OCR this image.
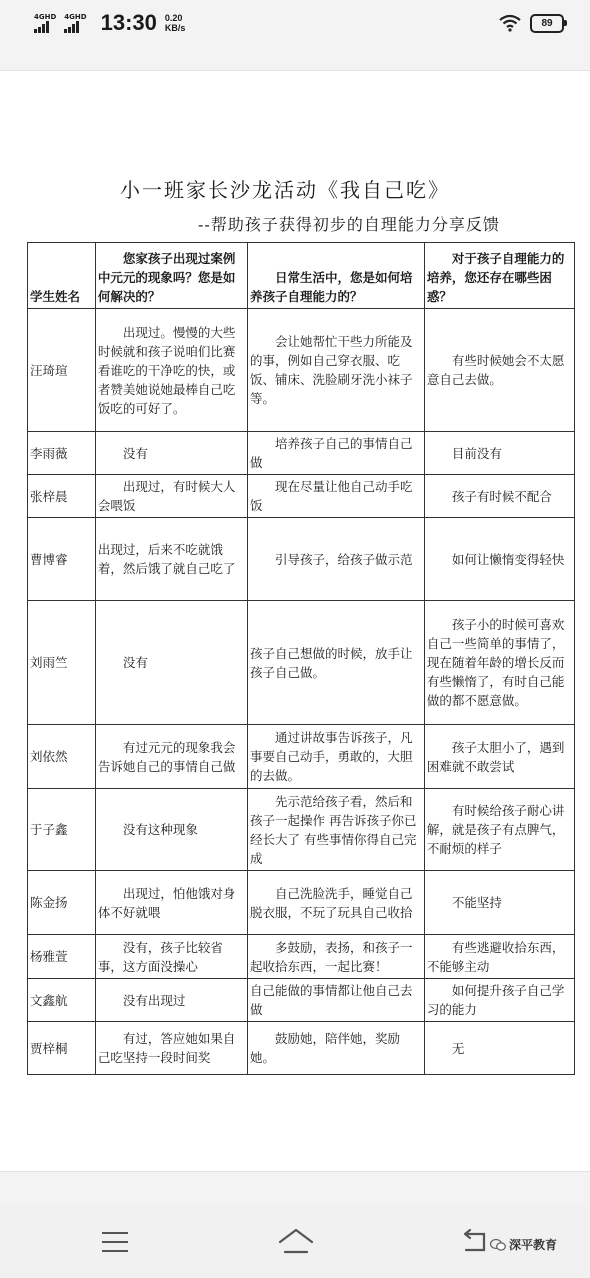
4GHD 4GHD 13:30 0.20
KB/s	89
小一班家长沙龙活动《我自己吃》
--帮助孩子获得初步的自理能力分享反馈
学生姓名	您家孩子出现过案例中元元的现象吗？您是如何解决的？	日常生活中，您是如何培养孩子自理能力的？	对于孩子自理能力的培养，您还存在哪些困惑？
汪琦瑄	出现过。慢慢的大些时候就和孩子说咱们比赛看谁吃的干净吃的快，或者赞美她说她最棒自己吃饭吃的可好了。	会让她帮忙干些力所能及的事，例如自己穿衣服、吃饭、铺床、洗脸刷牙洗小袜子等。	有些时候她会不太愿意自己去做。
李雨薇	没有	培养孩子自己的事情自己做	目前没有
张梓晨	出现过，有时候大人会喂饭	现在尽量让他自己动手吃饭	孩子有时候不配合
曹博睿	出现过，后来不吃就饿着，然后饿了就自己吃了	引导孩子，给孩子做示范	如何让懒惰变得轻快
刘雨竺	没有	孩子自己想做的时候，放手让孩子自己做。	孩子小的时候可喜欢自己一些简单的事情了，现在随着年龄的增长反而有些懒惰了，有时自己能做的都不愿意做。
刘依然	有过元元的现象我会告诉她自己的事情自己做	通过讲故事告诉孩子，凡事要自己动手，勇敢的，大胆的去做。	孩子太胆小了，遇到困难就不敢尝试
于子鑫	没有这种现象	先示范给孩子看，然后和孩子一起操作 再告诉孩子你已经长大了 有些事情你得自己完成	有时候给孩子耐心讲解，就是孩子有点脾气，不耐烦的样子
陈金扬	出现过，怕他饿对身体不好就喂	自己洗脸洗手，睡觉自己脱衣服，不玩了玩具自己收拾	不能坚持
杨雅萱	没有，孩子比较省事，这方面没操心	多鼓励，表扬，和孩子一起收拾东西，一起比赛！	有些逃避收拾东西，不能够主动
文鑫航	没有出现过	自己能做的事情都让他自己去做	如何提升孩子自己学习的能力
贾梓桐	有过，答应她如果自己吃坚持一段时间奖	鼓励她，陪伴她，奖励她。	无
深平教育
